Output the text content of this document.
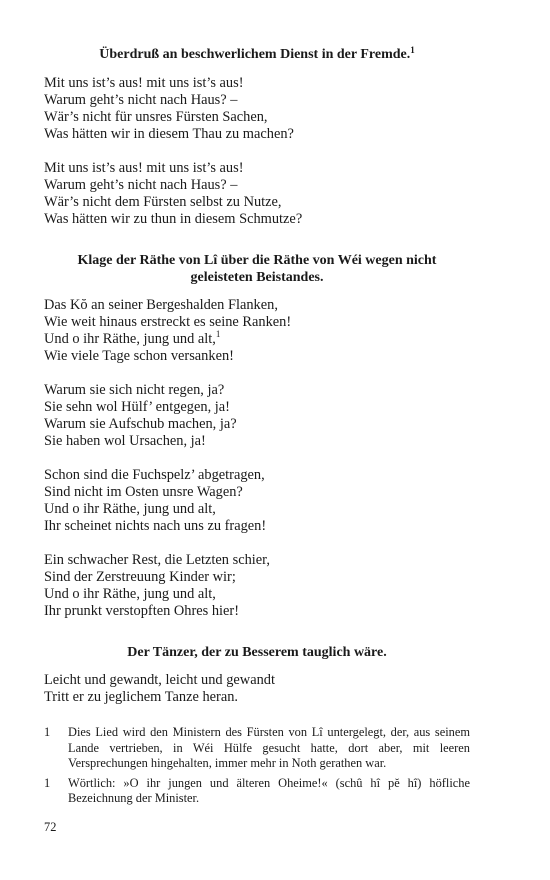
Überdruß an beschwerlichem Dienst in der Fremde.$^1$
Mit uns ist’s aus! mit uns ist’s aus!
Warum geht’s nicht nach Haus? –
Wär’s nicht für unsres Fürsten Sachen,
Was hätten wir in diesem Thau zu machen?
Mit uns ist’s aus! mit uns ist’s aus!
Warum geht’s nicht nach Haus? –
Wär’s nicht dem Fürsten selbst zu Nutze,
Was hätten wir zu thun in diesem Schmutze?
Klage der Räthe von Lî über die Räthe von Wéi wegen nicht geleisteten Beistandes.
Das Kŏ an seiner Bergeshalden Flanken,
Wie weit hinaus erstreckt es seine Ranken!
Und o ihr Räthe, jung und alt,$^1$
Wie viele Tage schon versanken!
Warum sie sich nicht regen, ja?
Sie sehn wol Hülf’ entgegen, ja!
Warum sie Aufschub machen, ja?
Sie haben wol Ursachen, ja!
Schon sind die Fuchspelz’ abgetragen,
Sind nicht im Osten unsre Wagen?
Und o ihr Räthe, jung und alt,
Ihr scheinet nichts nach uns zu fragen!
Ein schwacher Rest, die Letzten schier,
Sind der Zerstreuung Kinder wir;
Und o ihr Räthe, jung und alt,
Ihr prunkt verstopften Ohres hier!
Der Tänzer, der zu Besserem tauglich wäre.
Leicht und gewandt, leicht und gewandt
Tritt er zu jeglichem Tanze heran.
1 Dies Lied wird den Ministern des Fürsten von Lî untergelegt, der, aus seinem Lande vertrieben, in Wéi Hülfe gesucht hatte, dort aber, mit leeren Versprechungen hingehalten, immer mehr in Noth gerathen war.
1 Wörtlich: »O ihr jungen und älteren Oheime!« (schû hî pĕ hî) höfliche Bezeichnung der Minister.
72
